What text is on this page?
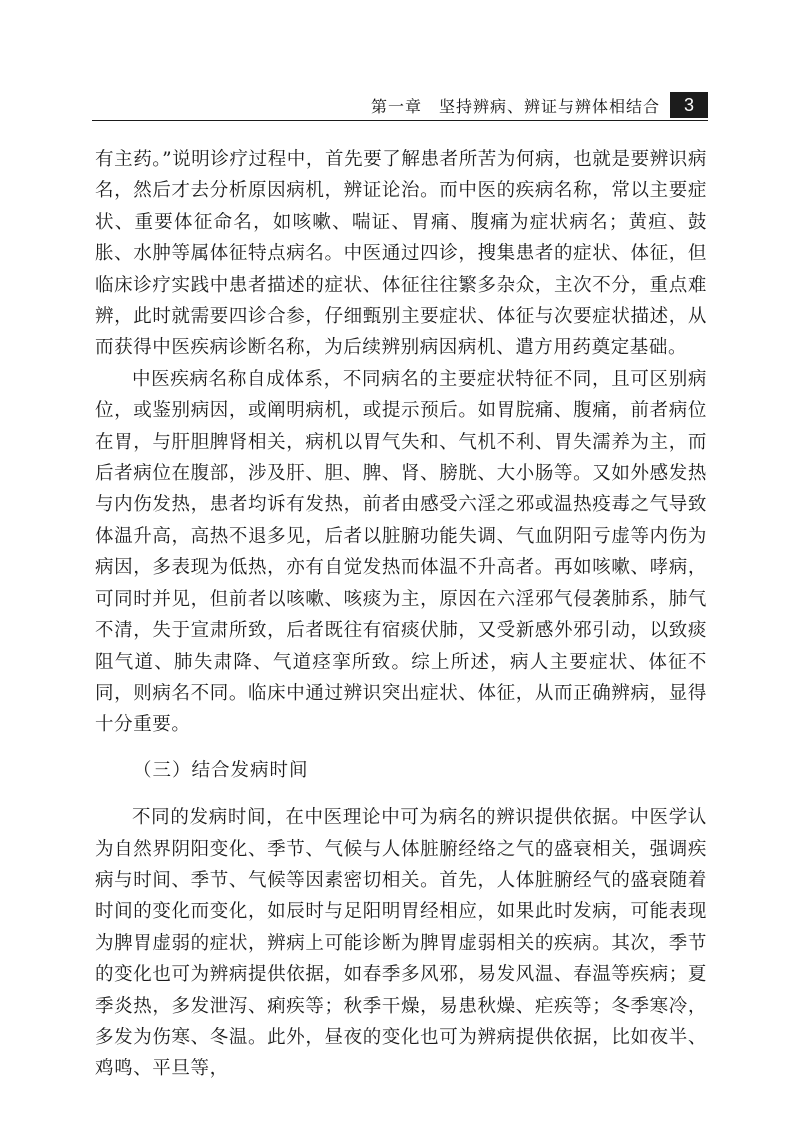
第一章　坚持辨病、辨证与辨体相结合	3

有主药。”说明诊疗过程中，首先要了解患者所苦为何病，也就是要辨识病名，然后才去分析原因病机，辨证论治。而中医的疾病名称，常以主要症状、重要体征命名，如咳嗽、喘证、胃痛、腹痛为症状病名；黄疸、鼓胀、水肿等属体征特点病名。中医通过四诊，搜集患者的症状、体征，但临床诊疗实践中患者描述的症状、体征往往繁多杂众，主次不分，重点难辨，此时就需要四诊合参，仔细甄别主要症状、体征与次要症状描述，从而获得中医疾病诊断名称，为后续辨别病因病机、遣方用药奠定基础。

中医疾病名称自成体系，不同病名的主要症状特征不同，且可区别病位，或鉴别病因，或阐明病机，或提示预后。如胃脘痛、腹痛，前者病位在胃，与肝胆脾肾相关，病机以胃气失和、气机不利、胃失濡养为主，而后者病位在腹部，涉及肝、胆、脾、肾、膀胱、大小肠等。又如外感发热与内伤发热，患者均诉有发热，前者由感受六淫之邪或温热疫毒之气导致体温升高，高热不退多见，后者以脏腑功能失调、气血阴阳亏虚等内伤为病因，多表现为低热，亦有自觉发热而体温不升高者。再如咳嗽、哮病，可同时并见，但前者以咳嗽、咳痰为主，原因在六淫邪气侵袭肺系，肺气不清，失于宣肃所致，后者既往有宿痰伏肺，又受新感外邪引动，以致痰阻气道、肺失肃降、气道痉挛所致。综上所述，病人主要症状、体征不同，则病名不同。临床中通过辨识突出症状、体征，从而正确辨病，显得十分重要。

（三）结合发病时间

不同的发病时间，在中医理论中可为病名的辨识提供依据。中医学认为自然界阴阳变化、季节、气候与人体脏腑经络之气的盛衰相关，强调疾病与时间、季节、气候等因素密切相关。首先，人体脏腑经气的盛衰随着时间的变化而变化，如辰时与足阳明胃经相应，如果此时发病，可能表现为脾胃虚弱的症状，辨病上可能诊断为脾胃虚弱相关的疾病。其次，季节的变化也可为辨病提供依据，如春季多风邪，易发风温、春温等疾病；夏季炎热，多发泄泻、痢疾等；秋季干燥，易患秋燥、疟疾等；冬季寒冷，多发为伤寒、冬温。此外，昼夜的变化也可为辨病提供依据，比如夜半、鸡鸣、平旦等，
